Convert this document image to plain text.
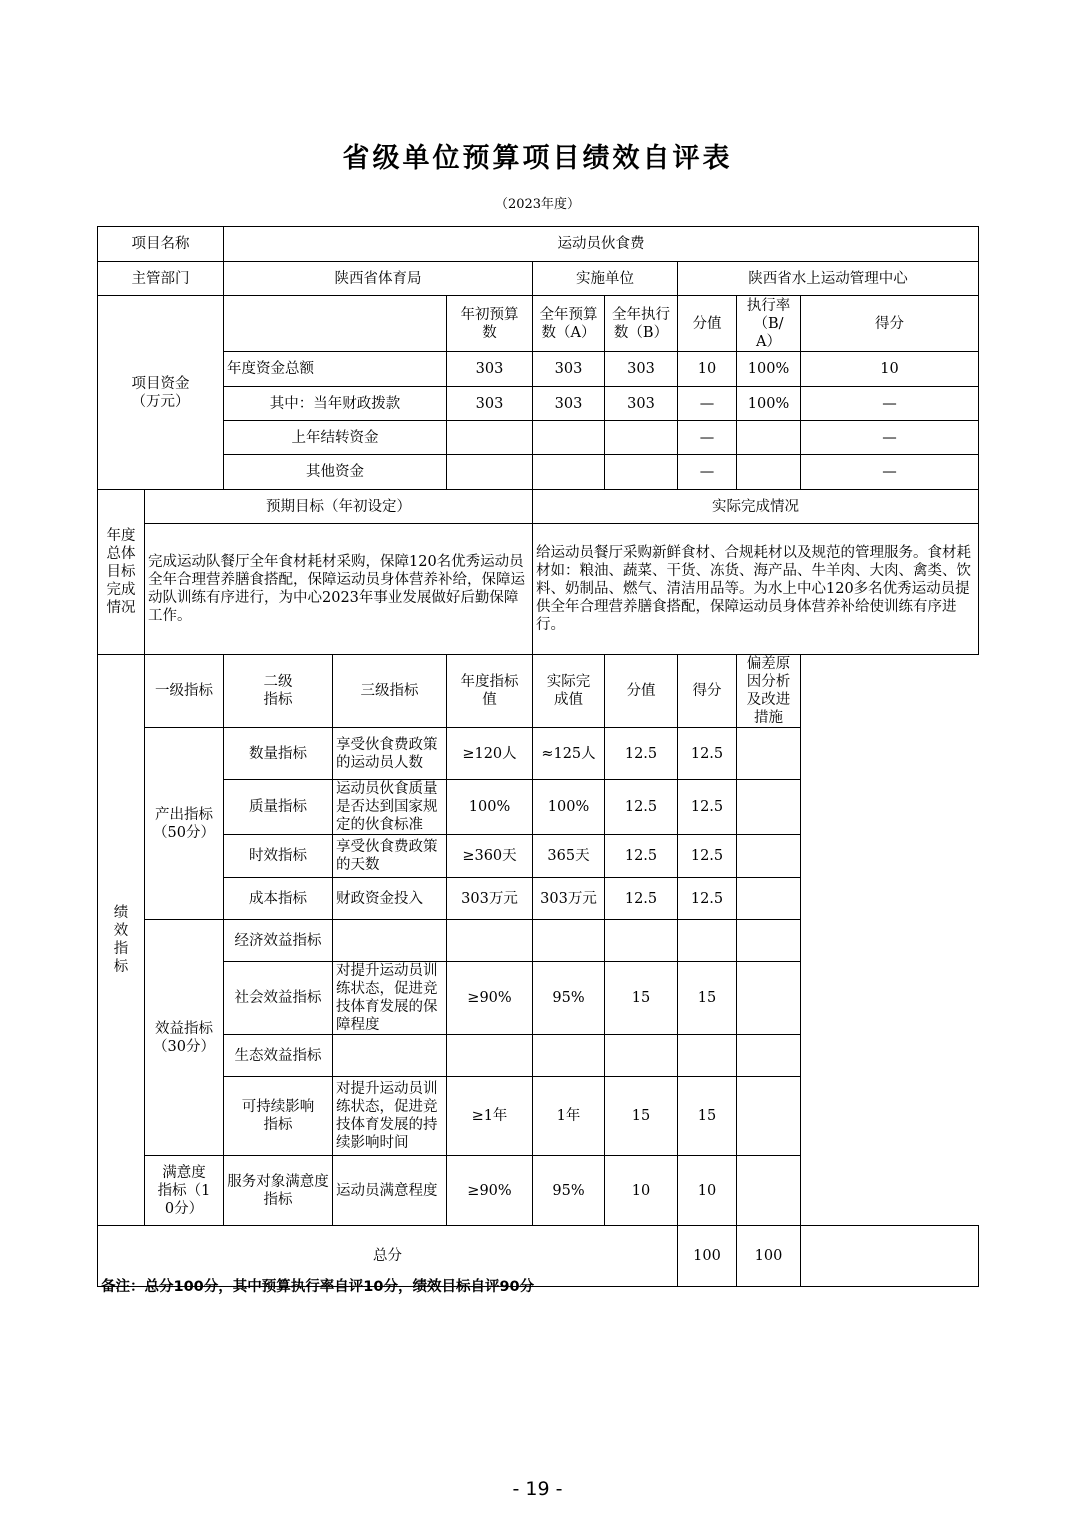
省级单位预算项目绩效自评表
（2023年度）
项目名称		运动员伙食费							
主管部门		陕西省体育局			实施单位		陕西省水上运动管理中心		
项目资金（万元）				年初预算数	全年预算数（A）	全年执行数（B）	分值	执行率（B/A）	得分
		年度资金总额		303	303	303	10	100%	10
		其中：当年财政拨款		303	303	303	—	100%	—
		上年结转资金					—		—
		其他资金					—		—
年度总体目标完成情况	预期目标（年初设定）				实际完成情况				
	完成运动队餐厅全年食材耗材采购，保障120名优秀运动员全年合理营养膳食搭配，保障运动员身体营养补给，保障运动队训练有序进行，为中心2023年事业发展做好后勤保障工作。				给运动员餐厅采购新鲜食材、合规耗材以及规范的管理服务。食材耗材如：粮油、蔬菜、干货、冻货、海产品、牛羊肉、大肉、禽类、饮料、奶制品、燃气、清洁用品等。为水上中心120多名优秀运动员提供全年合理营养膳食搭配，保障运动员身体营养补给使训练有序进行。				
绩效指标	一级指标	二级指标	三级指标	年度指标值	实际完成值	分值	得分	偏差原因分析及改进措施	
	产出指标（50分）	数量指标	享受伙食费政策的运动员人数	≥120人	≈125人	12.5	12.5		
		质量指标	运动员伙食质量是否达到国家规定的伙食标准	100%	100%	12.5	12.5		
		时效指标	享受伙食费政策的天数	≥360天	365天	12.5	12.5		
		成本指标	财政资金投入	303万元	303万元	12.5	12.5		
	效益指标（30分）	经济效益指标							
		社会效益指标	对提升运动员训练状态，促进竞技体育发展的保障程度	≥90%	95%	15	15		
		生态效益指标							
		可持续影响指标	对提升运动员训练状态，促进竞技体育发展的持续影响时间	≥1年	1年	15	15		
	满意度指标（10分）	服务对象满意度指标	运动员满意程度	≥90%	95%	10	10		
总分							100	100	
备注：总分100分，其中预算执行率自评10分，绩效目标自评90分
- 19 -
